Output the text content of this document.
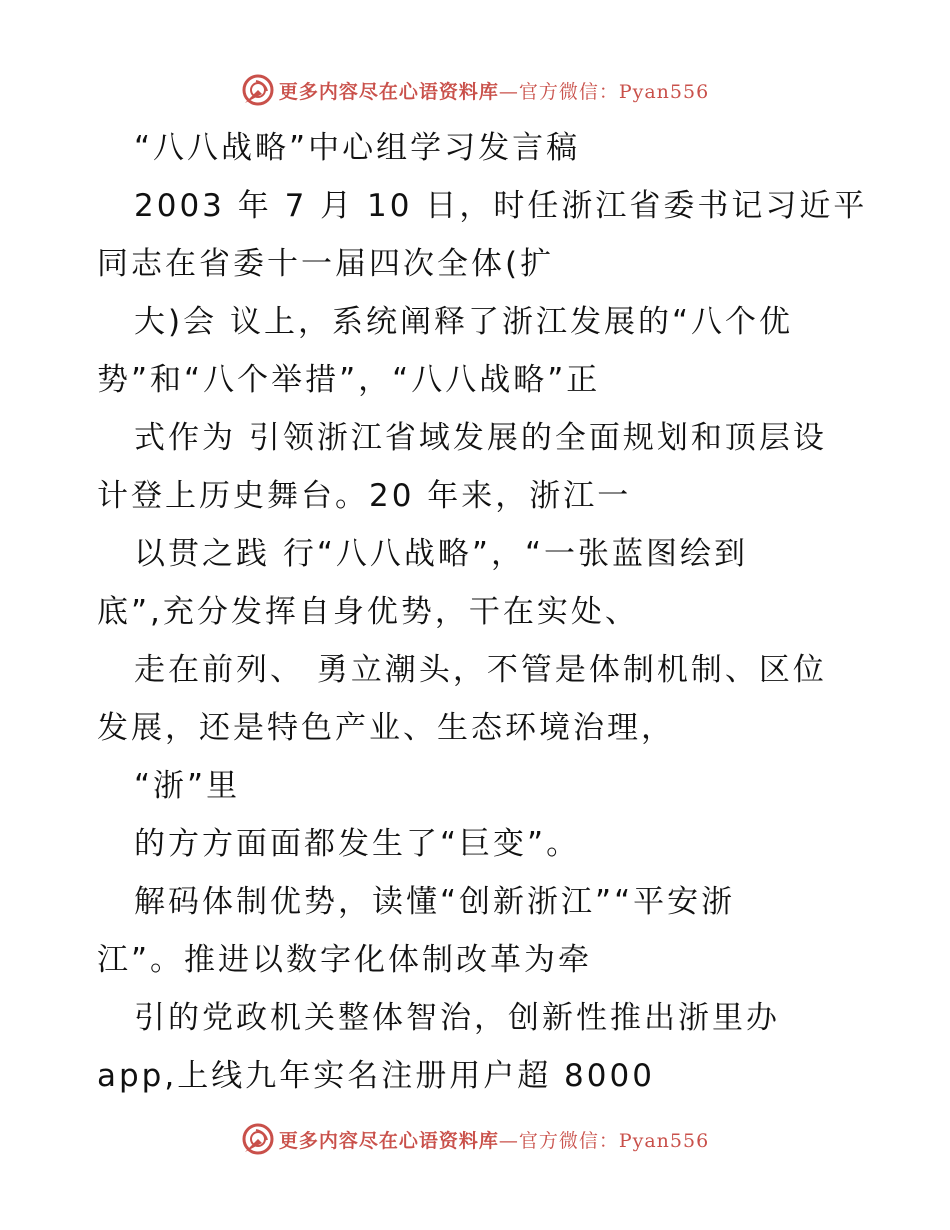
更多内容尽在心语资料库—官方微信：Pyan556
“八八战略”中心组学习发言稿
2003 年 7 月 10 日，时任浙江省委书记习近平
同志在省委十一届四次全体(扩
大)会 议上，系统阐释了浙江发展的“八个优
势”和“八个举措”，“八八战略”正
式作为 引领浙江省域发展的全面规划和顶层设
计登上历史舞台。20 年来，浙江一
以贯之践 行“八八战略”，“一张蓝图绘到
底”,充分发挥自身优势，干在实处、
走在前列、 勇立潮头，不管是体制机制、区位
发展，还是特色产业、生态环境治理，
“浙”里
的方方面面都发生了“巨变”。
解码体制优势，读懂“创新浙江”“平安浙
江”。推进以数字化体制改革为牵
引的党政机关整体智治，创新性推出浙里办
app,上线九年实名注册用户超 8000
更多内容尽在心语资料库—官方微信：Pyan556
